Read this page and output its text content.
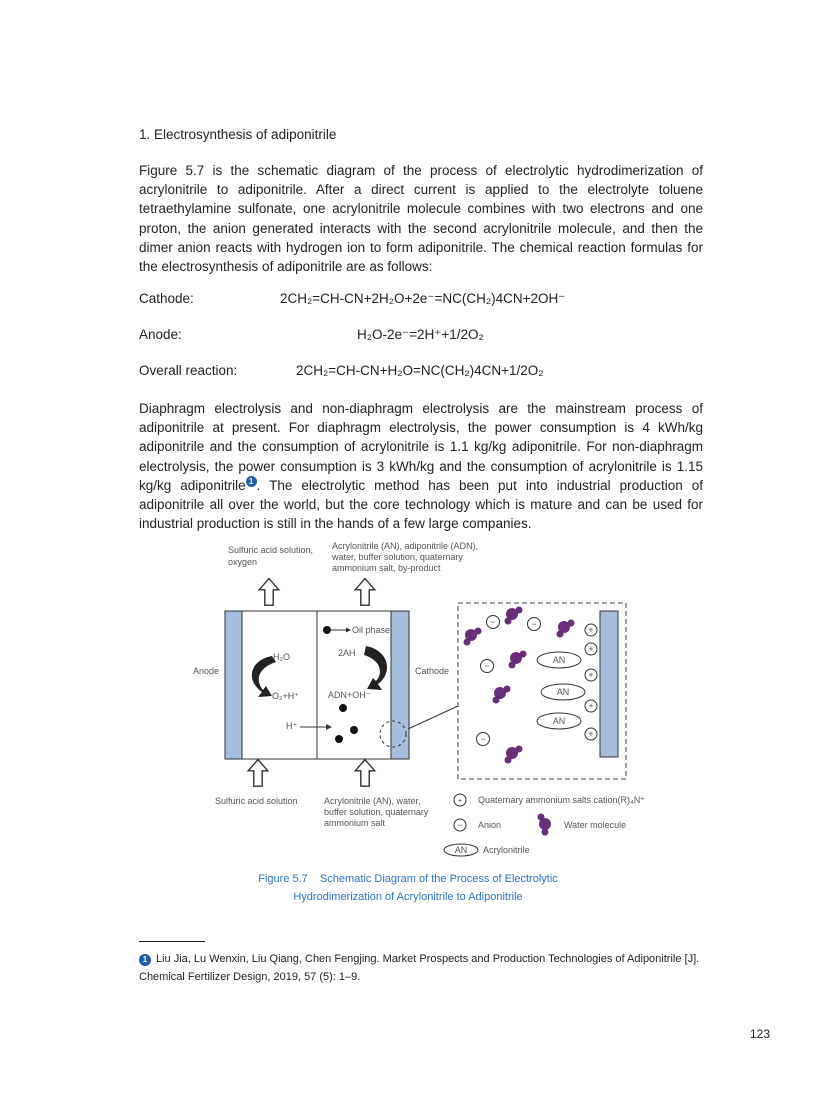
1. Electrosynthesis of adiponitrile
Figure 5.7 is the schematic diagram of the process of electrolytic hydrodimerization of acrylonitrile to adiponitrile. After a direct current is applied to the electrolyte toluene tetraethylamine sulfonate, one acrylonitrile molecule combines with two electrons and one proton, the anion generated interacts with the second acrylonitrile molecule, and then the dimer anion reacts with hydrogen ion to form adiponitrile. The chemical reaction formulas for the electrosynthesis of adiponitrile are as follows:
Cathode:	2CH₂=CH-CN+2H₂O+2e⁻=NC(CH₂)4CN+2OH⁻
Anode:	H₂O-2e⁻=2H⁺+1/2O₂
Overall reaction:	2CH₂=CH-CN+H₂O=NC(CH₂)4CN+1/2O₂
Diaphragm electrolysis and non-diaphragm electrolysis are the mainstream process of adiponitrile at present. For diaphragm electrolysis, the power consumption is 4 kWh/kg adiponitrile and the consumption of acrylonitrile is 1.1 kg/kg adiponitrile. For non-diaphragm electrolysis, the power consumption is 3 kWh/kg and the consumption of acrylonitrile is 1.15 kg/kg adiponitrile 1 . The electrolytic method has been put into industrial production of adiponitrile all over the world, but the core technology which is mature and can be used for industrial production is still in the hands of a few large companies.
Sulfuric acid solution,
oxygen
Acrylonitrile (AN), adiponitrile (ADN),
water, buffer solution, quaternary
ammonium salt, by-product
Anode	Cathode
H₂O
O₂+H⁺
H⁺
Oil phase
2AH
ADN+OH⁻
Sulfuric acid solution	Acrylonitrile (AN), water,
buffer solution, quaternary
ammonium salt
−	−
−
−
+
+
+
+
+
AN
AN
AN
+ Quaternary ammonium salts cation(R)₄N⁺
− Anion	Water molecule
AN Acrylonitrile
Figure 5.7    Schematic Diagram of the Process of Electrolytic
Hydrodimerization of Acrylonitrile to Adiponitrile
1 Liu Jia, Lu Wenxin, Liu Qiang, Chen Fengjing. Market Prospects and Production Technologies of Adiponitrile [J]. Chemical Fertilizer Design, 2019, 57 (5): 1–9.
123
